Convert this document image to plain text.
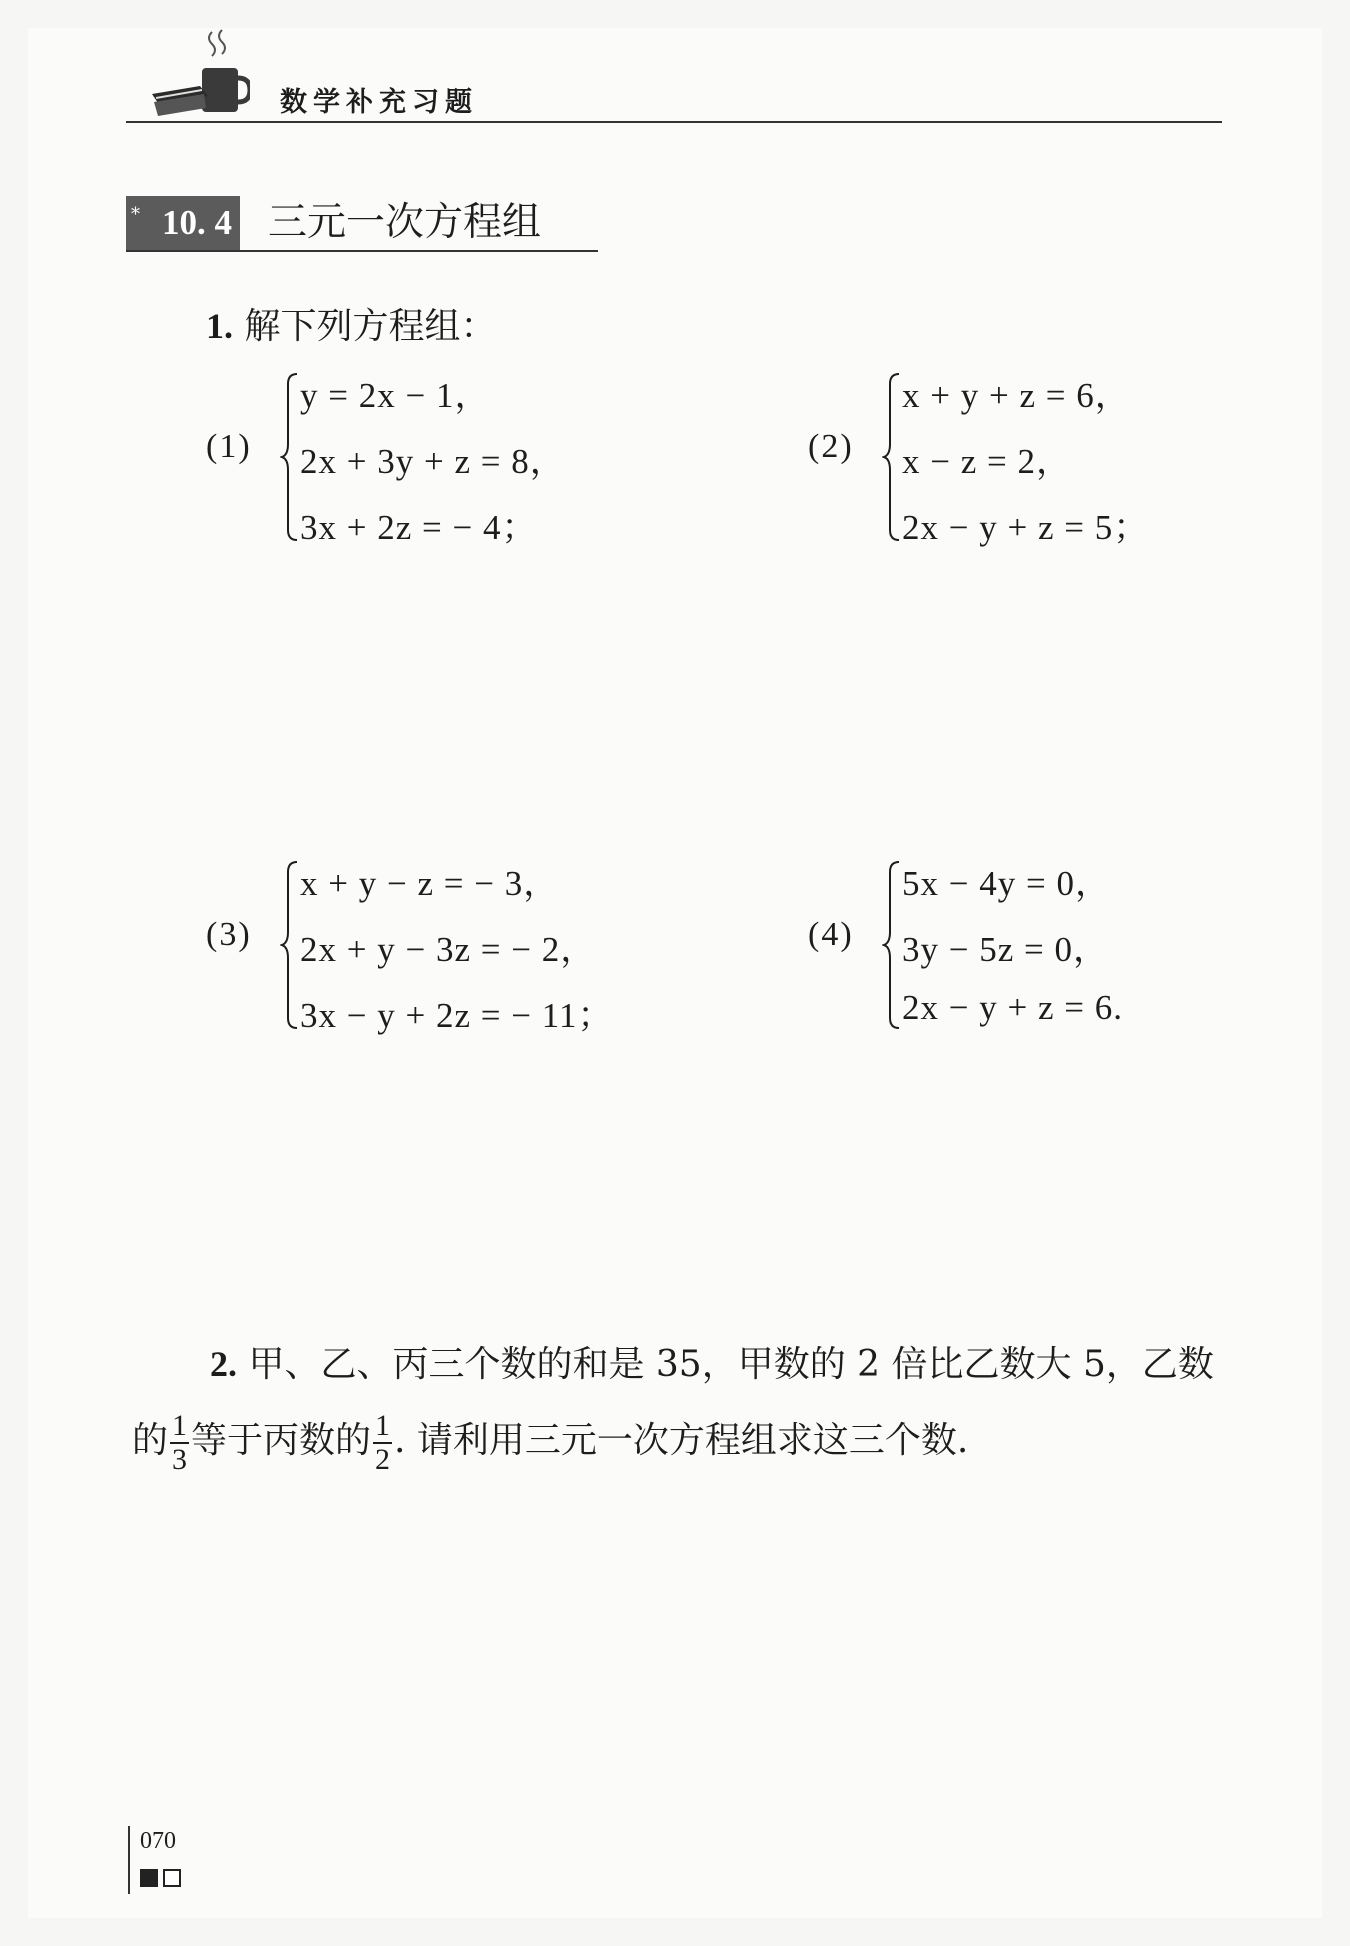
数学补充习题
10. 4
*	三元一次方程组
1. 解下列方程组：
(1)
y = 2x − 1，
2x + 3y + z = 8，
3x + 2z = − 4；
(2)
x + y + z = 6，
x − z = 2，
2x − y + z = 5；
(3)
x + y − z = − 3，
2x + y − 3z = − 2，
3x − y + 2z = − 11；
(4)
5x − 4y = 0，
3y − 5z = 0，
2x − y + z = 6.
2. 甲、乙、丙三个数的和是 35，甲数的 2 倍比乙数大 5，乙数
的 $\frac{1}{3}$ 等于丙数的 $\frac{1}{2}$ . 请利用三元一次方程组求这三个数.
070
